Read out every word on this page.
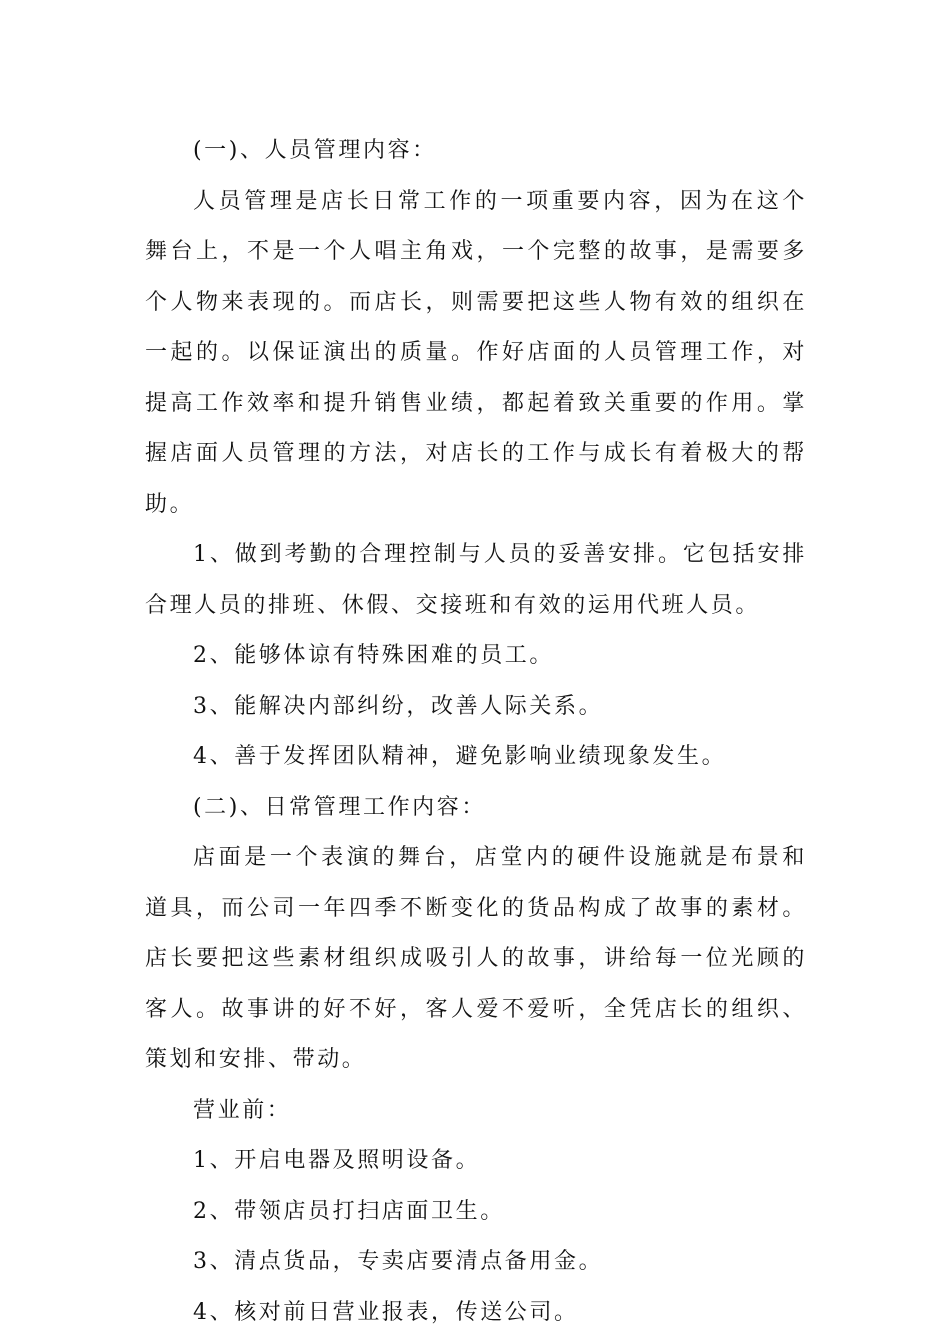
(一)、人员管理内容：

人员管理是店长日常工作的一项重要内容，因为在这个舞台上，不是一个人唱主角戏，一个完整的故事，是需要多个人物来表现的。而店长，则需要把这些人物有效的组织在一起的。以保证演出的质量。作好店面的人员管理工作，对提高工作效率和提升销售业绩，都起着致关重要的作用。掌握店面人员管理的方法，对店长的工作与成长有着极大的帮助。

1、做到考勤的合理控制与人员的妥善安排。它包括安排合理人员的排班、休假、交接班和有效的运用代班人员。

2、能够体谅有特殊困难的员工。

3、能解决内部纠纷，改善人际关系。

4、善于发挥团队精神，避免影响业绩现象发生。

(二)、日常管理工作内容：

店面是一个表演的舞台，店堂内的硬件设施就是布景和道具，而公司一年四季不断变化的货品构成了故事的素材。店长要把这些素材组织成吸引人的故事，讲给每一位光顾的客人。故事讲的好不好，客人爱不爱听，全凭店长的组织、策划和安排、带动。

营业前：

1、开启电器及照明设备。

2、带领店员打扫店面卫生。

3、清点货品，专卖店要清点备用金。

4、核对前日营业报表，传送公司。
